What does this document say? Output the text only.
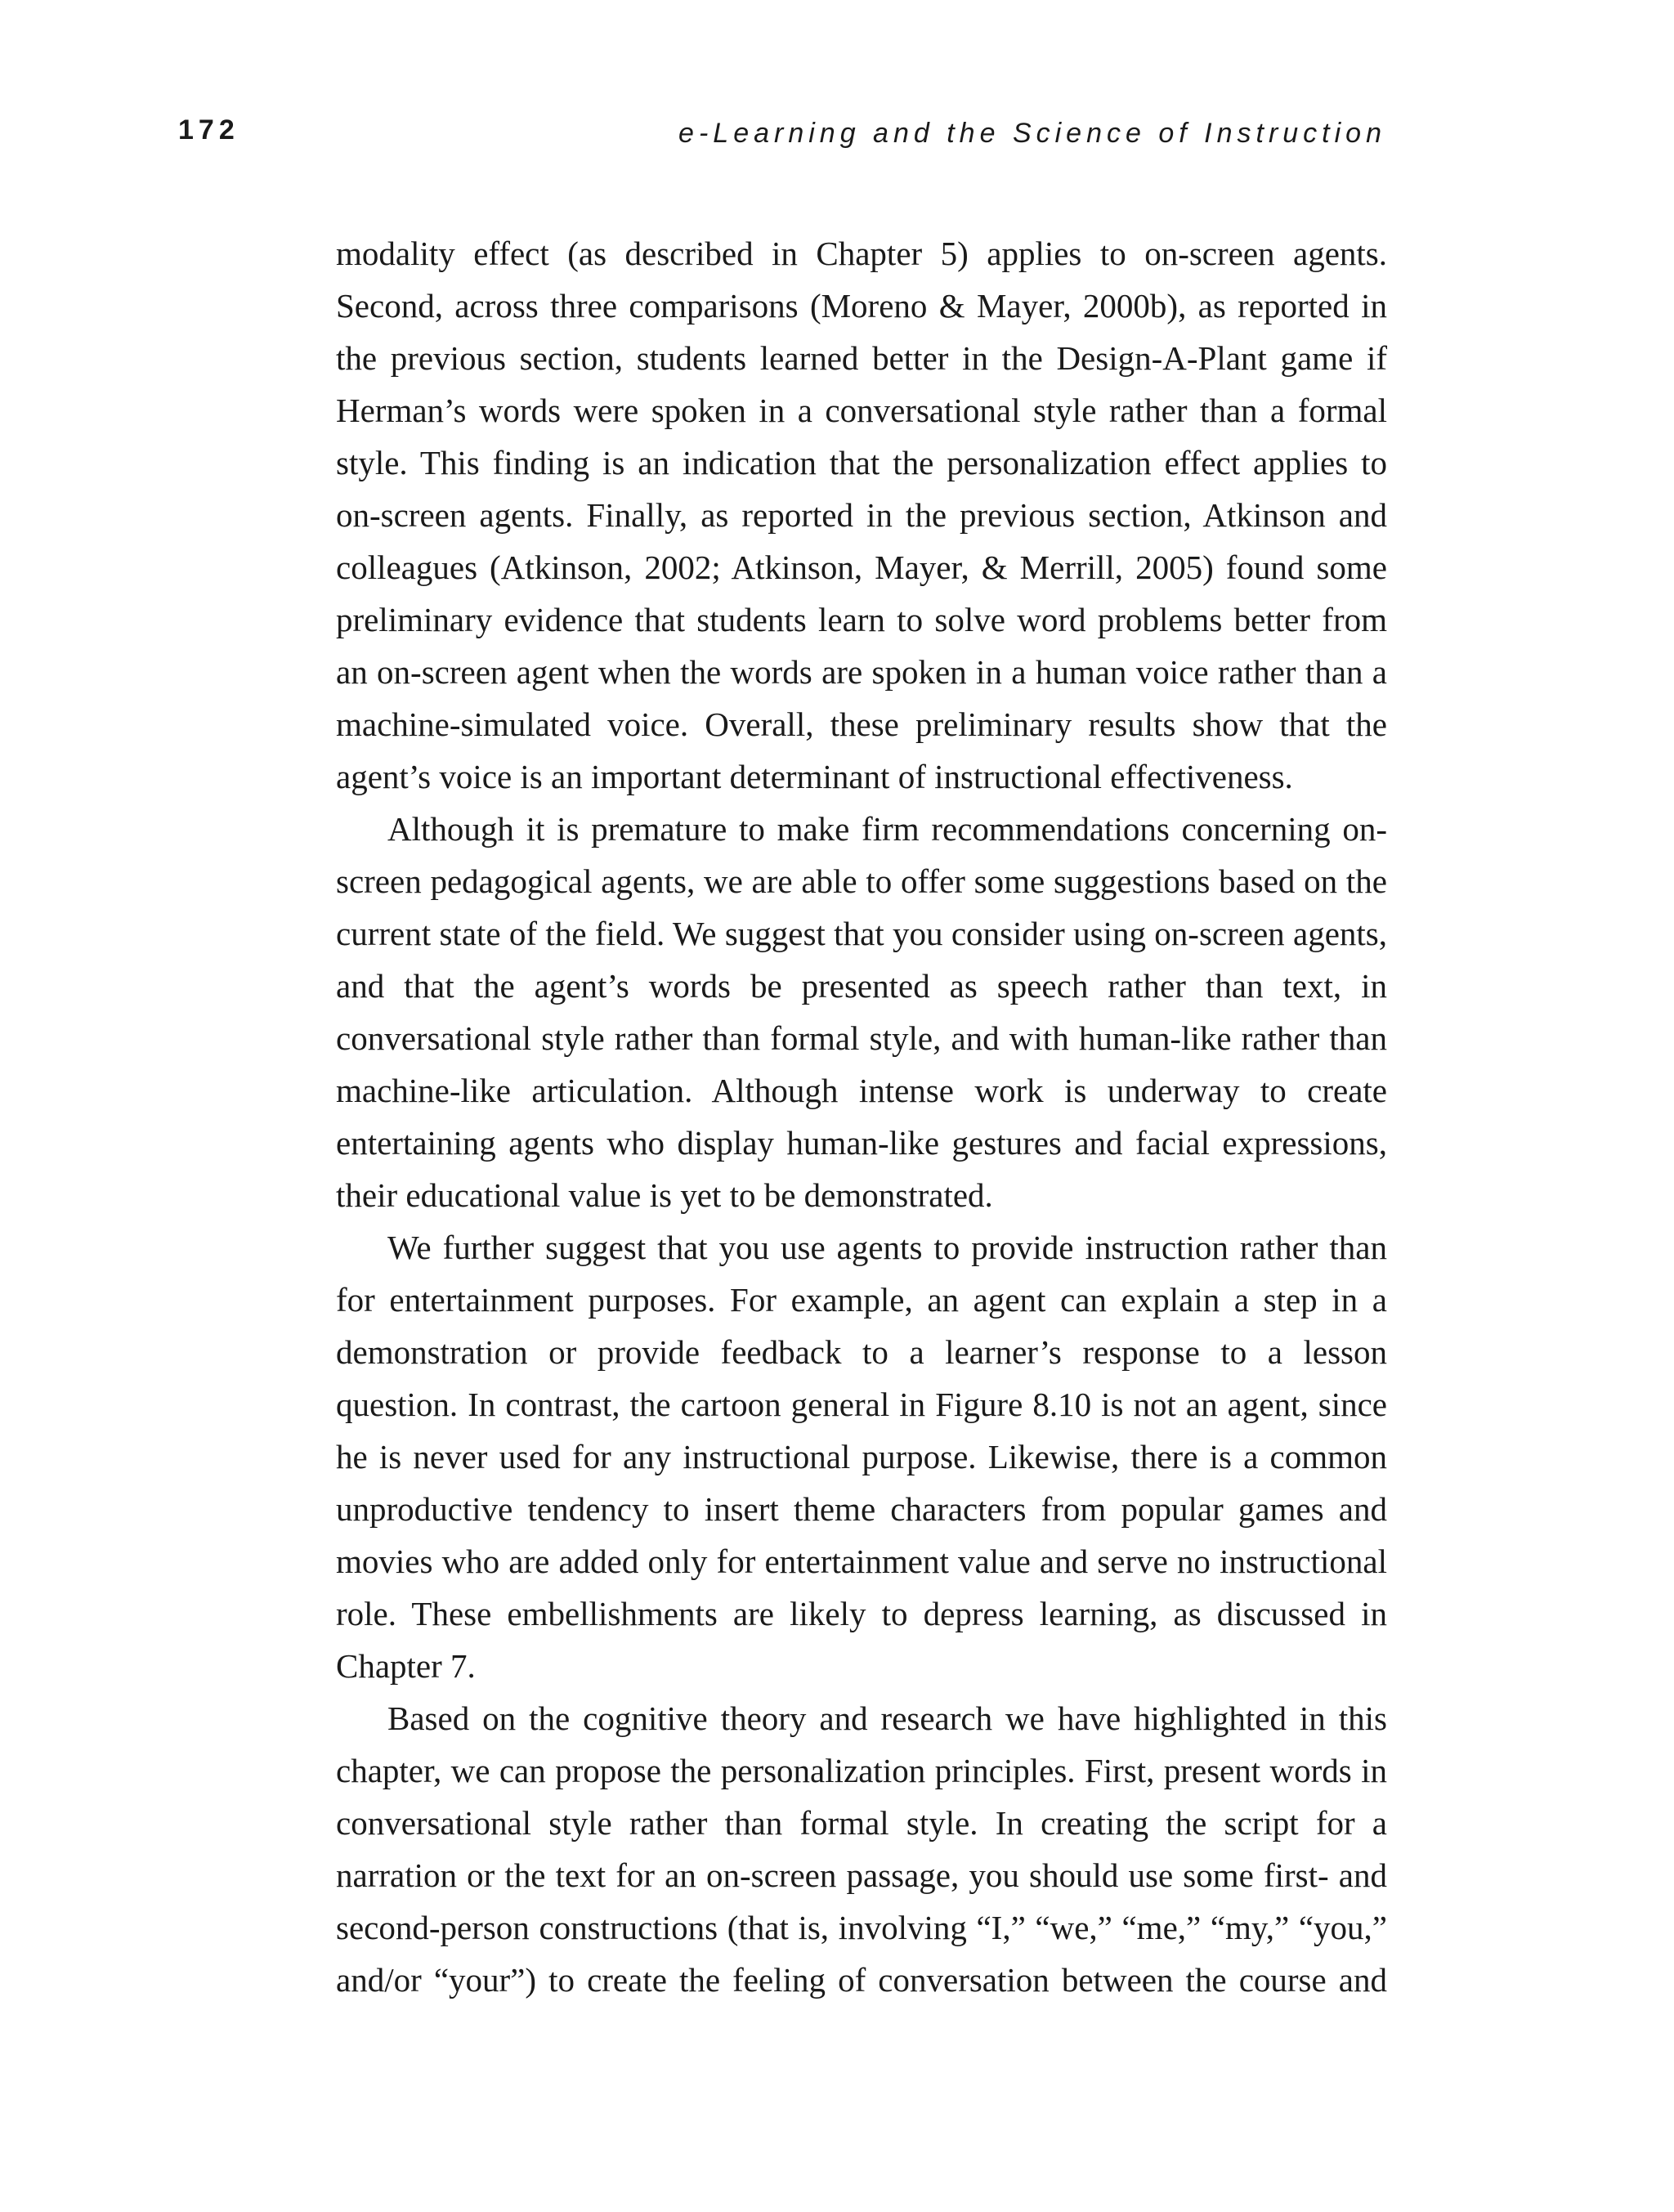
172	e-Learning and the Science of Instruction

modality effect (as described in Chapter 5) applies to on-screen agents. Second, across three comparisons (Moreno & Mayer, 2000b), as reported in the previous section, students learned better in the Design-A-Plant game if Herman’s words were spoken in a conversational style rather than a formal style. This finding is an indication that the personalization effect applies to on-screen agents. Finally, as reported in the previous section, Atkinson and colleagues (Atkinson, 2002; Atkinson, Mayer, & Merrill, 2005) found some preliminary evidence that students learn to solve word problems better from an on-screen agent when the words are spoken in a human voice rather than a machine-simulated voice. Overall, these preliminary results show that the agent’s voice is an important determinant of instructional effectiveness.

Although it is premature to make firm recommendations concerning on-screen pedagogical agents, we are able to offer some suggestions based on the current state of the field. We suggest that you consider using on-screen agents, and that the agent’s words be presented as speech rather than text, in conversational style rather than formal style, and with human-like rather than machine-like articulation. Although intense work is underway to create entertaining agents who display human-like gestures and facial expressions, their educational value is yet to be demonstrated.

We further suggest that you use agents to provide instruction rather than for entertainment purposes. For example, an agent can explain a step in a demonstration or provide feedback to a learner’s response to a lesson question. In contrast, the cartoon general in Figure 8.10 is not an agent, since he is never used for any instructional purpose. Likewise, there is a common unproductive tendency to insert theme characters from popular games and movies who are added only for entertainment value and serve no instructional role. These embellishments are likely to depress learning, as discussed in Chapter 7.

Based on the cognitive theory and research we have highlighted in this chapter, we can propose the personalization principles. First, present words in conversational style rather than formal style. In creating the script for a narration or the text for an on-screen passage, you should use some first- and second-person constructions (that is, involving “I,” “we,” “me,” “my,” “you,” and/or “your”) to create the feeling of conversation between the course and
